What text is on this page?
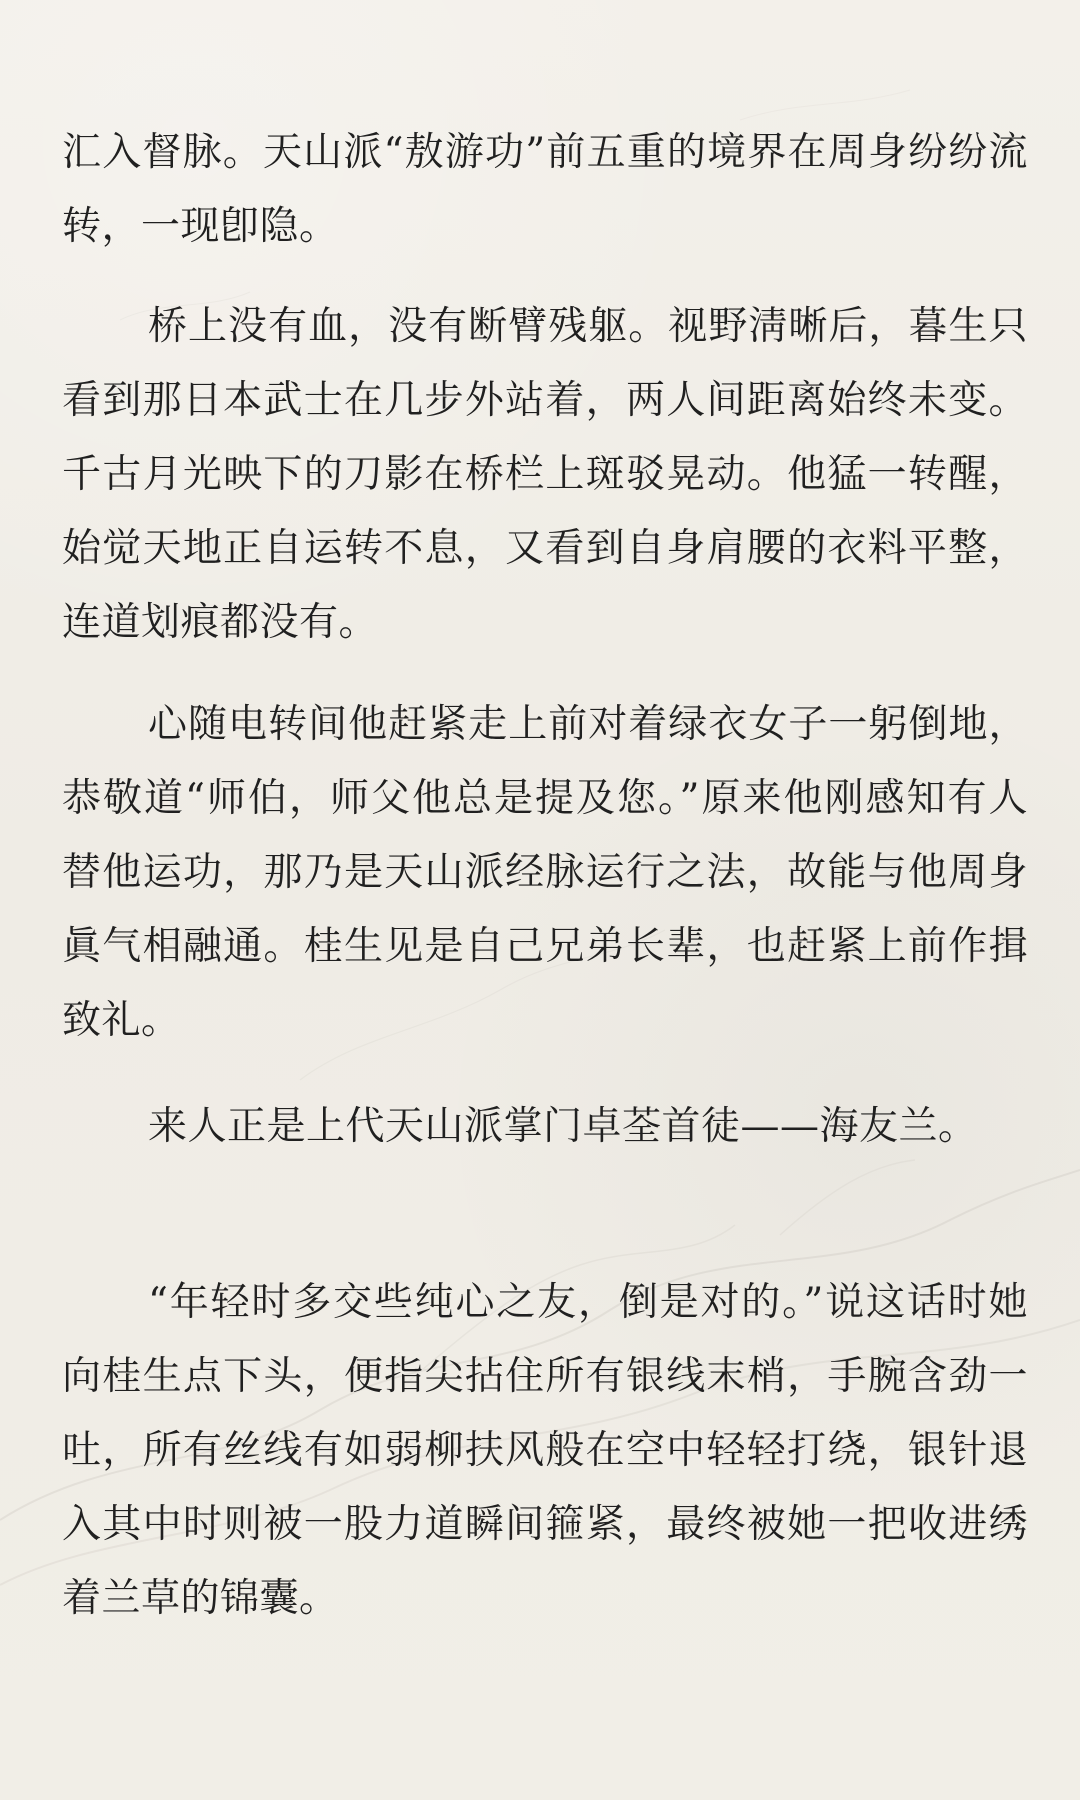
汇入督脉。天山派“敖游功”前五重的境界在周身纷纷流转，一现卽隐。

桥上没有血，没有断臂残躯。视野淸晰后，暮生只看到那日本武士在几步外站着，两人间距离始终未变。千古月光映下的刀影在桥栏上斑驳晃动。他猛一转醒，始觉天地正自运转不息，又看到自身肩腰的衣料平整，连道划痕都没有。

心随电转间他赶紧走上前对着绿衣女子一躬倒地，恭敬道“师伯，师父他总是提及您。”原来他刚感知有人替他运功，那乃是天山派经脉运行之法，故能与他周身眞气相融通。桂生见是自己兄弟长辈，也赶紧上前作揖致礼。

来人正是上代天山派掌门卓荃首徒——海友兰。

“年轻时多交些纯心之友，倒是对的。”说这话时她向桂生点下头，便指尖拈住所有银线末梢，手腕含劲一吐，所有丝线有如弱柳扶风般在空中轻轻打绕，银针退入其中时则被一股力道瞬间箍紧，最终被她一把收进绣着兰草的锦囊。
